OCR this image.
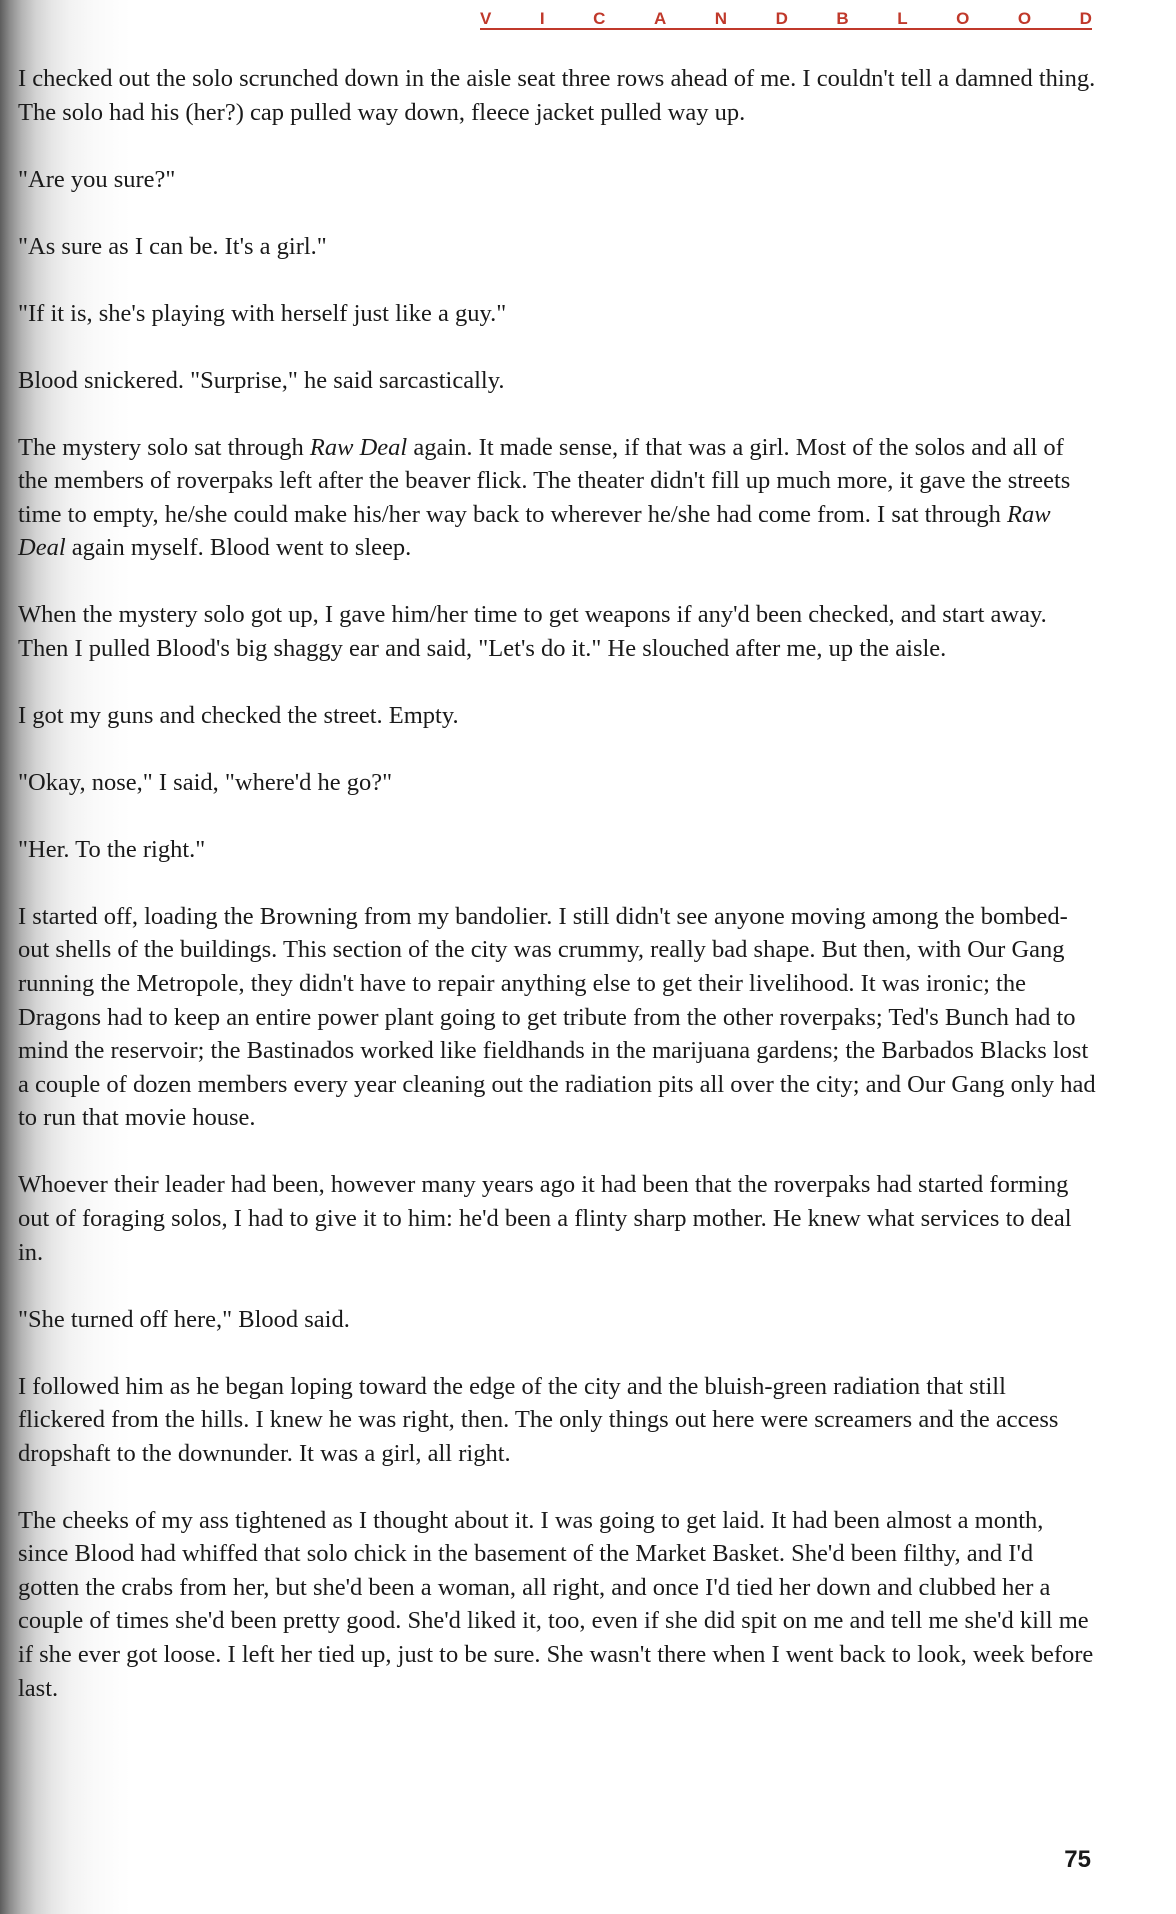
V	I	C	A	N	D	B	L	O	O	D

I checked out the solo scrunched down in the aisle seat three rows ahead of me. I couldn't tell a damned thing. The solo had his (her?) cap pulled way down, fleece jacket pulled way up.

"Are you sure?"

"As sure as I can be. It's a girl."

"If it is, she's playing with herself just like a guy."

Blood snickered. "Surprise," he said sarcastically.

The mystery solo sat through Raw Deal again. It made sense, if that was a girl. Most of the solos and all of the members of roverpaks left after the beaver flick. The theater didn't fill up much more, it gave the streets time to empty, he/she could make his/her way back to wherever he/she had come from. I sat through Raw Deal again myself. Blood went to sleep.

When the mystery solo got up, I gave him/her time to get weapons if any'd been checked, and start away. Then I pulled Blood's big shaggy ear and said, "Let's do it." He slouched after me, up the aisle.

I got my guns and checked the street. Empty.

"Okay, nose," I said, "where'd he go?"

"Her. To the right."

I started off, loading the Browning from my bandolier. I still didn't see anyone moving among the bombed-out shells of the buildings. This section of the city was crummy, really bad shape. But then, with Our Gang running the Metropole, they didn't have to repair anything else to get their livelihood. It was ironic; the Dragons had to keep an entire power plant going to get tribute from the other roverpaks; Ted's Bunch had to mind the reservoir; the Bastinados worked like fieldhands in the marijuana gardens; the Barbados Blacks lost a couple of dozen members every year cleaning out the radiation pits all over the city; and Our Gang only had to run that movie house.

Whoever their leader had been, however many years ago it had been that the roverpaks had started forming out of foraging solos, I had to give it to him: he'd been a flinty sharp mother. He knew what services to deal in.

"She turned off here," Blood said.

I followed him as he began loping toward the edge of the city and the bluish-green radiation that still flickered from the hills. I knew he was right, then. The only things out here were screamers and the access dropshaft to the downunder. It was a girl, all right.

The cheeks of my ass tightened as I thought about it. I was going to get laid. It had been almost a month, since Blood had whiffed that solo chick in the basement of the Market Basket. She'd been filthy, and I'd gotten the crabs from her, but she'd been a woman, all right, and once I'd tied her down and clubbed her a couple of times she'd been pretty good. She'd liked it, too, even if she did spit on me and tell me she'd kill me if she ever got loose. I left her tied up, just to be sure. She wasn't there when I went back to look, week before last.

75
